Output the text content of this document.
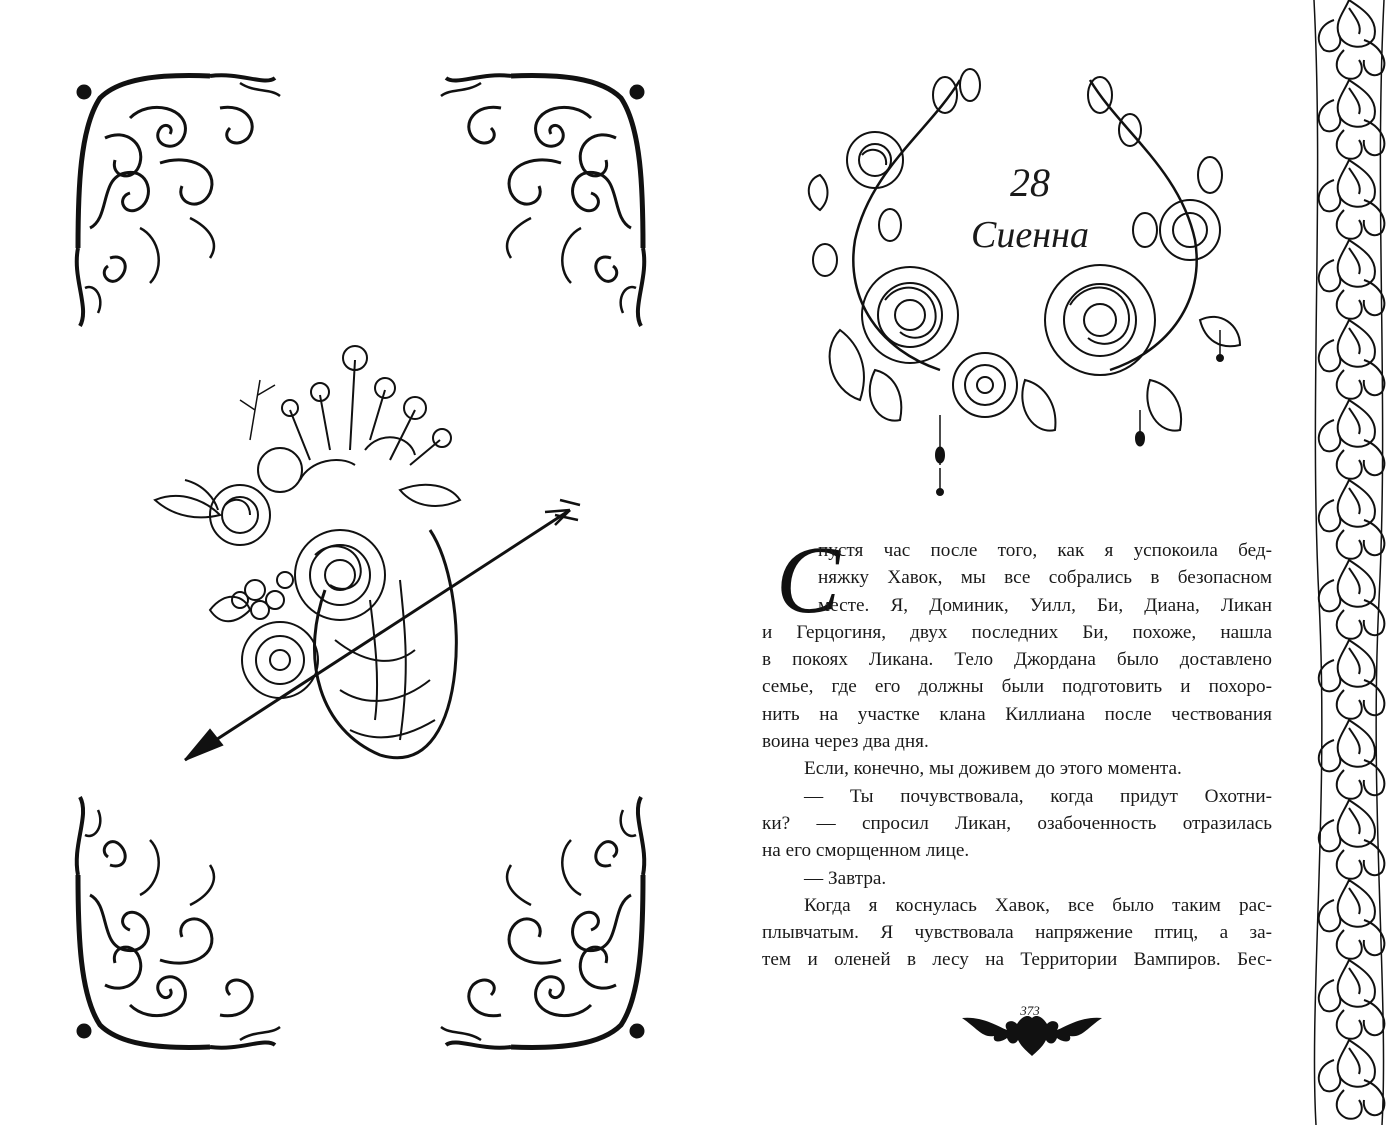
28
Сиенна
С

пустя час после того, как я успокоила бед-
няжку Хавок, мы все собрались в безопасном
месте. Я, Доминик, Уилл, Би, Диана, Ликан
и Герцогиня, двух последних Би, похоже, нашла
в покоях Ликана. Тело Джордана было доставлено
семье, где его должны были подготовить и похоро-
нить на участке клана Киллиана после чествования
воина через два дня.

Если, конечно, мы доживем до этого момента.

— Ты почувствовала, когда придут Охотни-
ки? — спросил Ликан, озабоченность отразилась
на его сморщенном лице.

— Завтра.

Когда я коснулась Хавок, все было таким рас-
плывчатым. Я чувствовала напряжение птиц, а за-
тем и оленей в лесу на Территории Вампиров. Бес-

373
